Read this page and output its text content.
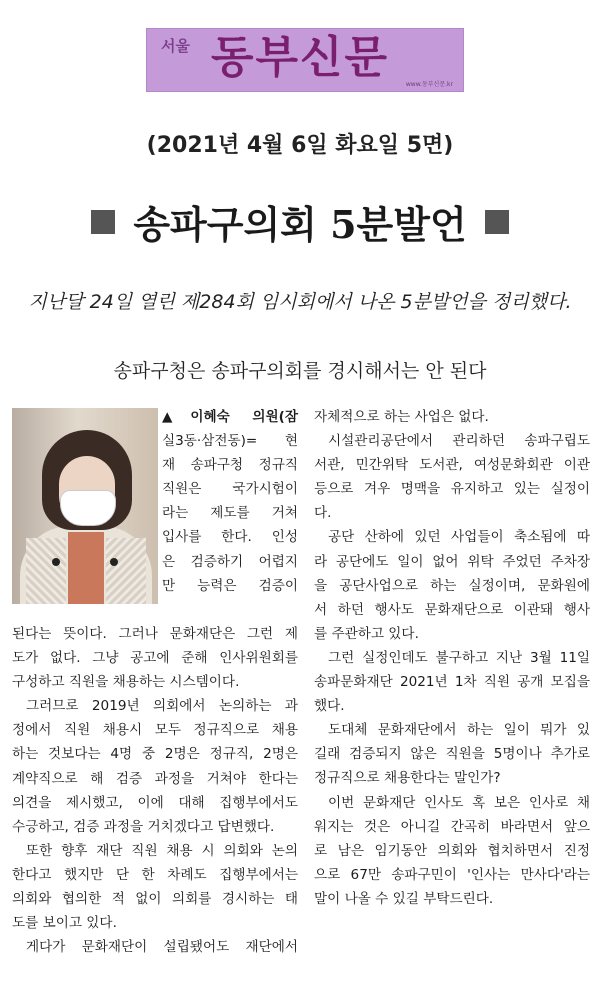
서울 동부신문
www.동부신문.kr
(2021년 4월 6일 화요일 5면)
송파구의회 5분발언
지난달 24일 열린 제284회 임시회에서 나온 5분발언을 정리했다.
송파구청은 송파구의회를 경시해서는 안 된다

▲이혜숙 의원(잠

실3동·삼전동)= 현

재 송파구청 정규직

직원은 국가시험이

라는 제도를 거쳐

입사를 한다. 인성

은 검증하기 어렵지

만 능력은 검증이

된다는 뜻이다. 그러나 문화재단은 그런 제

도가 없다. 그냥 공고에 준해 인사위원회를

구성하고 직원을 채용하는 시스템이다.

그러므로 2019년 의회에서 논의하는 과

정에서 직원 채용시 모두 정규직으로 채용

하는 것보다는 4명 중 2명은 정규직, 2명은

계약직으로 해 검증 과정을 거쳐야 한다는

의견을 제시했고, 이에 대해 집행부에서도

수긍하고, 검증 과정을 거치겠다고 답변했다.

또한 향후 재단 직원 채용 시 의회와 논의

한다고 했지만 단 한 차례도 집행부에서는

의회와 협의한 적 없이 의회를 경시하는 태

도를 보이고 있다.

게다가 문화재단이 설립됐어도 재단에서

자체적으로 하는 사업은 없다.

시설관리공단에서 관리하던 송파구립도

서관, 민간위탁 도서관, 여성문화회관 이관

등으로 겨우 명맥을 유지하고 있는 실정이

다.

공단 산하에 있던 사업들이 축소됨에 따

라 공단에도 일이 없어 위탁 주었던 주차장

을 공단사업으로 하는 실정이며, 문화원에

서 하던 행사도 문화재단으로 이관돼 행사

를 주관하고 있다.

그런 실정인데도 불구하고 지난 3월 11일

송파문화재단 2021년 1차 직원 공개 모집을

했다.

도대체 문화재단에서 하는 일이 뭐가 있

길래 검증되지 않은 직원을 5명이나 추가로

정규직으로 채용한다는 말인가?

이번 문화재단 인사도 혹 보은 인사로 채

워지는 것은 아니길 간곡히 바라면서 앞으

로 남은 임기동안 의회와 협치하면서 진정

으로 67만 송파구민이 '인사는 만사다'라는

말이 나올 수 있길 부탁드린다.
